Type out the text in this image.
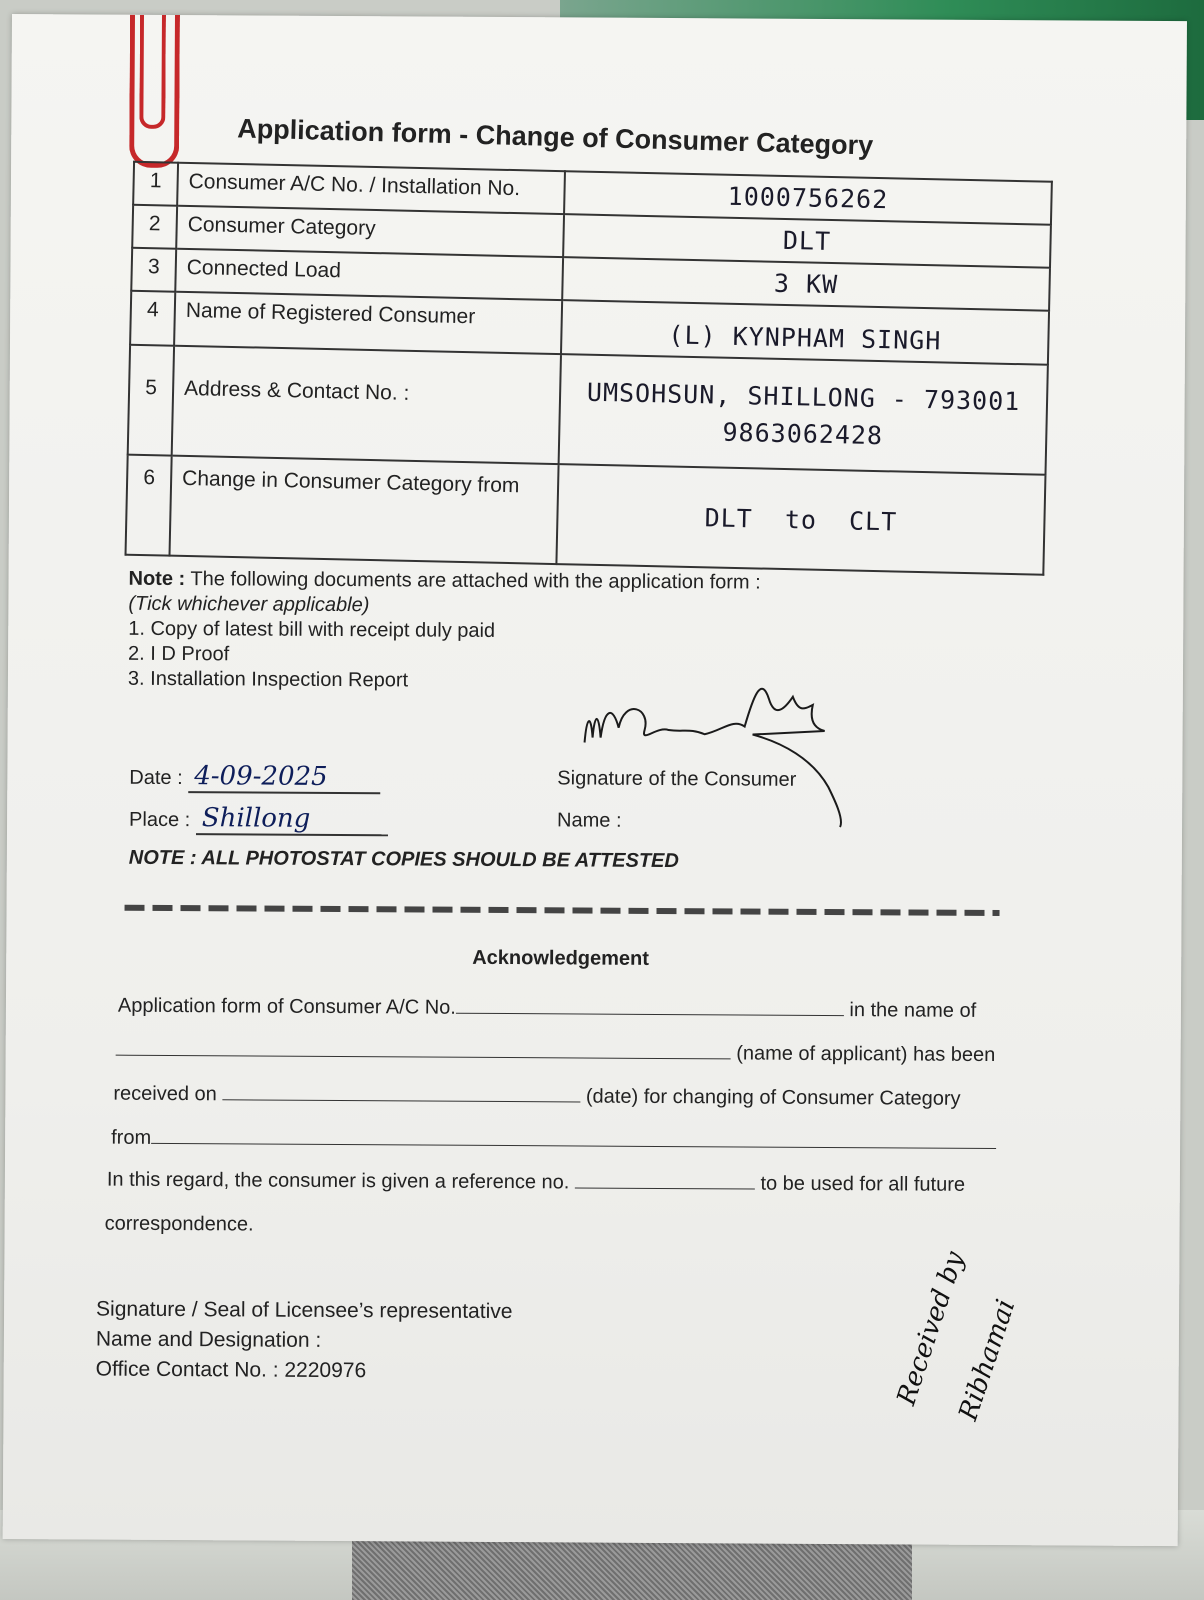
Application form - Change of Consumer Category
1	Consumer A/C No. / Installation No.	1000756262
2	Consumer Category	DLT
3	Connected Load	3 KW
4	Name of Registered Consumer	(L) KYNPHAM SINGH
5	Address & Contact No. :	UMSOHSUN, SHILLONG - 793001
9863062428

6	Change in Consumer Category from	DLT  to  CLT
Note : The following documents are attached with the application form :
(Tick whichever applicable)
1. Copy of latest bill with receipt duly paid
2. I D Proof
3. Installation Inspection Report
Date : 4-09-2025
Place : Shillong
Signature of the Consumer
Name :
NOTE : ALL PHOTOSTAT COPIES SHOULD BE ATTESTED
Acknowledgement
Application form of Consumer A/C No.	in the name of
(name of applicant) has been
received on	(date) for changing of Consumer Category
from
In this regard, the consumer is given a reference no.	to be used for all future
correspondence.
Signature / Seal of Licensee’s representative
Name and Designation :
Office Contact No. : 2220976	Received by
Ribhamai
